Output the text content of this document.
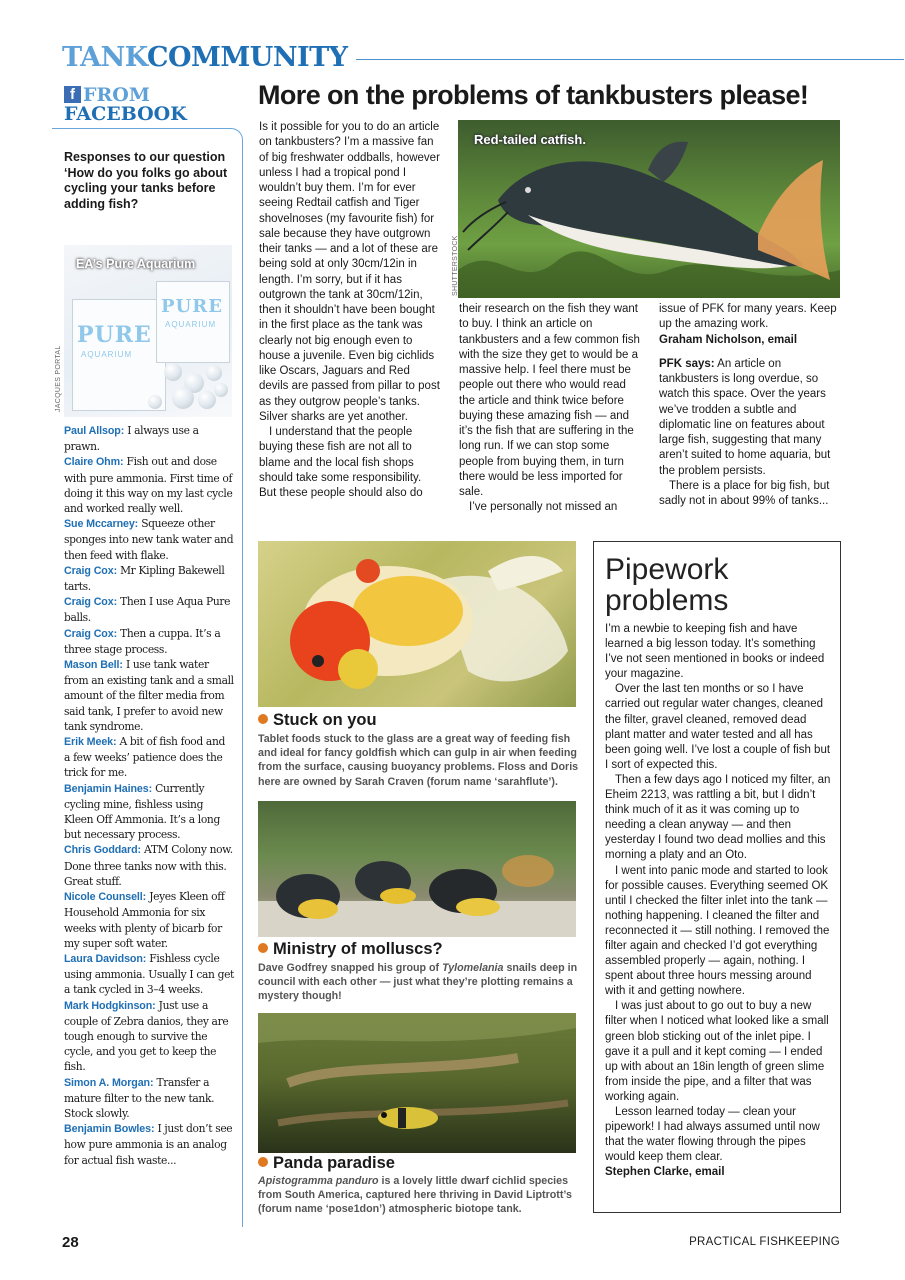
TANKCOMMUNITY
f FROM
FACEBOOK
Responses to our question ‘How do you folks go about cycling your tanks before adding fish?
PURE
AQUARIUM
PURE
AQUARIUM
EA’s Pure Aquarium
JACQUES PORTAL

Paul Allsop: I always use a prawn.

Claire Ohm: Fish out and dose with pure ammonia. First time of doing it this way on my last cycle and worked really well.

Sue Mccarney: Squeeze other sponges into new tank water and then feed with flake.

Craig Cox: Mr Kipling Bakewell tarts.

Craig Cox: Then I use Aqua Pure balls.

Craig Cox: Then a cuppa. It’s a three stage process.

Mason Bell: I use tank water from an existing tank and a small amount of the filter media from said tank, I prefer to avoid new tank syndrome.

Erik Meek: A bit of fish food and a few weeks’ patience does the trick for me.

Benjamin Haines: Currently cycling mine, fishless using Kleen Off Ammonia. It’s a long but necessary process.

Chris Goddard: ATM Colony now. Done three tanks now with this. Great stuff.

Nicole Counsell: Jeyes Kleen off Household Ammonia for six weeks with plenty of bicarb for my super soft water.

Laura Davidson: Fishless cycle using ammonia. Usually I can get a tank cycled in 3–4 weeks.

Mark Hodgkinson: Just use a couple of Zebra danios, they are tough enough to survive the cycle, and you get to keep the fish.

Simon A. Morgan: Transfer a mature filter to the new tank. Stock slowly.

Benjamin Bowles: I just don’t see how pure ammonia is an analog for actual fish waste...

More on the problems of tankbusters please!

Is it possible for you to do an article on tankbusters? I’m a massive fan of big freshwater oddballs, however unless I had a tropical pond I wouldn’t buy them. I’m for ever seeing Redtail catfish and Tiger shovelnoses (my favourite fish) for sale because they have outgrown their tanks — and a lot of these are being sold at only 30cm/12in in length. I’m sorry, but if it has outgrown the tank at 30cm/12in, then it shouldn’t have been bought in the first place as the tank was clearly not big enough even to house a juvenile. Even big cichlids like Oscars, Jaguars and Red devils are passed from pillar to post as they outgrow people’s tanks. Silver sharks are yet another.

I understand that the people buying these fish are not all to blame and the local fish shops should take some responsibility. But these people should also do

Red-tailed catfish.
SHUTTERSTOCK

their research on the fish they want to buy. I think an article on tankbusters and a few common fish with the size they get to would be a massive help. I feel there must be people out there who would read the article and think twice before buying these amazing fish — and it’s the fish that are suffering in the long run. If we can stop some people from buying them, in turn there would be less imported for sale.

I’ve personally not missed an

issue of PFK for many years. Keep up the amazing work.

Graham Nicholson, email

PFK says: An article on tankbusters is long overdue, so watch this space. Over the years we’ve trodden a subtle and diplomatic line on features about large fish, suggesting that many aren’t suited to home aquaria, but the problem persists.

There is a place for big fish, but sadly not in about 99% of tanks...

Stuck on you
Tablet foods stuck to the glass are a great way of feeding fish and ideal for fancy goldfish which can gulp in air when feeding from the surface, causing buoyancy problems. Floss and Doris here are owned by Sarah Craven (forum name ‘sarahflute’).
Ministry of molluscs?
Dave Godfrey snapped his group of Tylomelania snails deep in council with each other — just what they’re plotting remains a mystery though!
Panda paradise
Apistogramma panduro is a lovely little dwarf cichlid species from South America, captured here thriving in David Liptrott’s (forum name ‘pose1don’) atmospheric biotope tank.
Pipework problems

I’m a newbie to keeping fish and have learned a big lesson today. It’s something I’ve not seen mentioned in books or indeed your magazine.

Over the last ten months or so I have carried out regular water changes, cleaned the filter, gravel cleaned, removed dead plant matter and water tested and all has been going well. I’ve lost a couple of fish but I sort of expected this.

Then a few days ago I noticed my filter, an Eheim 2213, was rattling a bit, but I didn’t think much of it as it was coming up to needing a clean anyway — and then yesterday I found two dead mollies and this morning a platy and an Oto.

I went into panic mode and started to look for possible causes. Everything seemed OK until I checked the filter inlet into the tank — nothing happening. I cleaned the filter and reconnected it — still nothing. I removed the filter again and checked I’d got everything assembled properly — again, nothing. I spent about three hours messing around with it and getting nowhere.

I was just about to go out to buy a new filter when I noticed what looked like a small green blob sticking out of the inlet pipe. I gave it a pull and it kept coming — I ended up with about an 18in length of green slime from inside the pipe, and a filter that was working again.

Lesson learned today — clean your pipework! I had always assumed until now that the water flowing through the pipes would keep them clear.

Stephen Clarke, email

28	PRACTICAL FISHKEEPING
